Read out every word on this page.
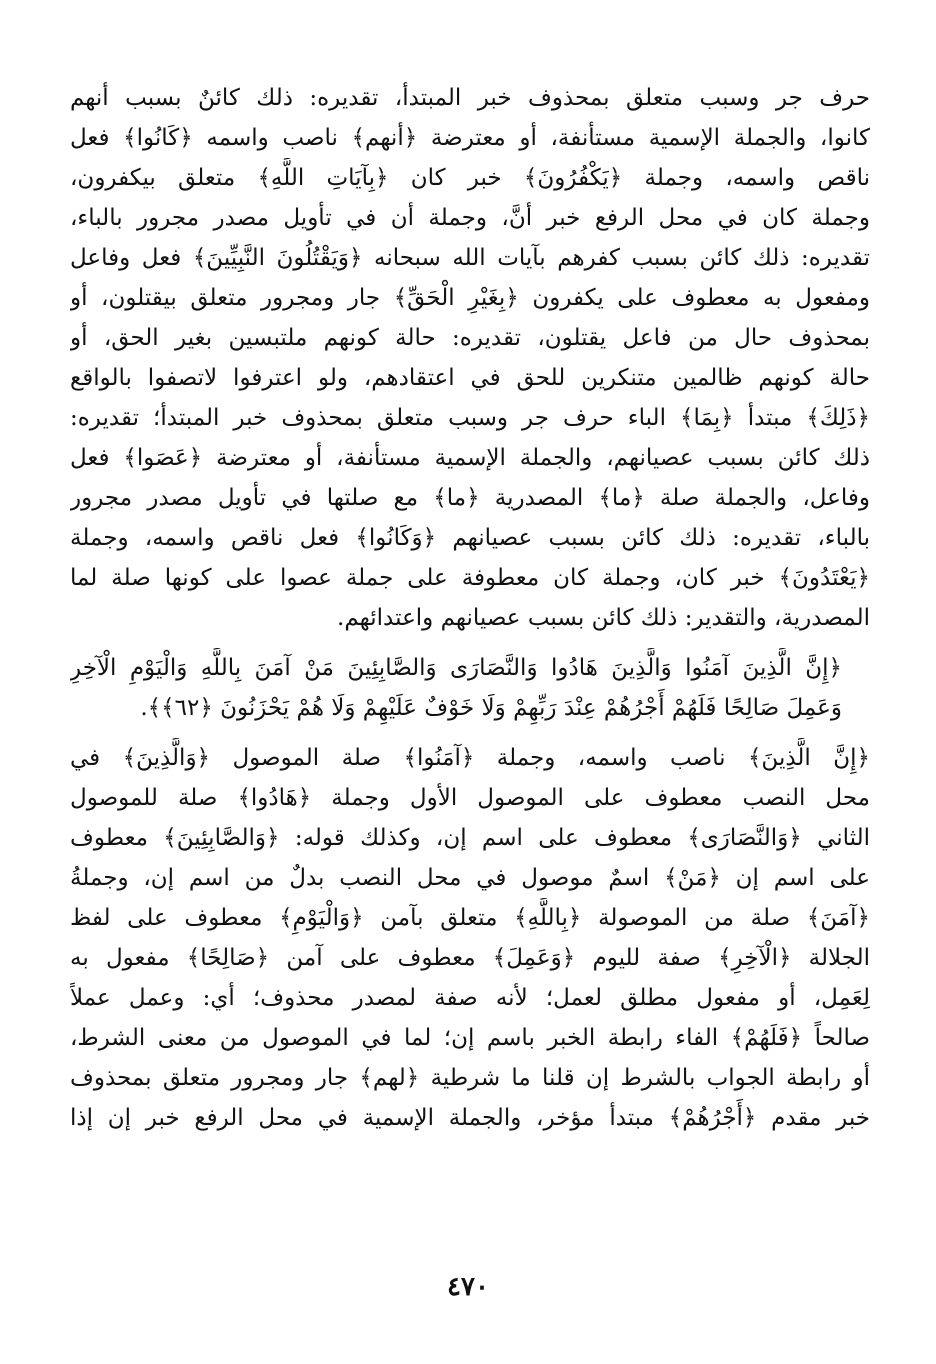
حرف جر وسبب متعلق بمحذوف خبر المبتدأ، تقديره: ذلك كائنٌ بسبب أنهم

كانوا، والجملة الإسمية مستأنفة، أو معترضة ﴿أنهم﴾ ناصب واسمه ﴿كَانُوا﴾ فعل

ناقص واسمه، وجملة ﴿يَكْفُرُونَ﴾ خبر كان ﴿بِآيَاتِ اللَّهِ﴾ متعلق بيكفرون،

وجملة كان في محل الرفع خبر أنَّ، وجملة أن في تأويل مصدر مجرور بالباء،

تقديره: ذلك كائن بسبب كفرهم بآيات الله سبحانه ﴿وَيَقْتُلُونَ النَّبِيِّينَ﴾ فعل وفاعل

ومفعول به معطوف على يكفرون ﴿بِغَيْرِ الْحَقِّ﴾ جار ومجرور متعلق بيقتلون، أو

بمحذوف حال من فاعل يقتلون، تقديره: حالة كونهم ملتبسين بغير الحق، أو

حالة كونهم ظالمين متنكرين للحق في اعتقادهم، ولو اعترفوا لاتصفوا بالواقع

﴿ذَلِكَ﴾ مبتدأ ﴿بِمَا﴾ الباء حرف جر وسبب متعلق بمحذوف خبر المبتدأ؛ تقديره:

ذلك كائن بسبب عصيانهم، والجملة الإسمية مستأنفة، أو معترضة ﴿عَصَوا﴾ فعل

وفاعل، والجملة صلة ﴿ما﴾ المصدرية ﴿ما﴾ مع صلتها في تأويل مصدر مجرور

بالباء، تقديره: ذلك كائن بسبب عصيانهم ﴿وَكَانُوا﴾ فعل ناقص واسمه، وجملة

﴿يَعْتَدُونَ﴾ خبر كان، وجملة كان معطوفة على جملة عصوا على كونها صلة لما

المصدرية، والتقدير: ذلك كائن بسبب عصيانهم واعتدائهم.

﴿إِنَّ الَّذِينَ آمَنُوا وَالَّذِينَ هَادُوا وَالنَّصَارَى وَالصَّابِئِينَ مَنْ آمَنَ بِاللَّهِ وَالْيَوْمِ الْآخِرِ

وَعَمِلَ صَالِحًا فَلَهُمْ أَجْرُهُمْ عِنْدَ رَبِّهِمْ وَلَا خَوْفٌ عَلَيْهِمْ وَلَا هُمْ يَحْزَنُونَ ﴿٦٢﴾﴾.

﴿إِنَّ الَّذِينَ﴾ ناصب واسمه، وجملة ﴿آمَنُوا﴾ صلة الموصول ﴿وَالَّذِينَ﴾ في

محل النصب معطوف على الموصول الأول وجملة ﴿هَادُوا﴾ صلة للموصول

الثاني ﴿وَالنَّصَارَى﴾ معطوف على اسم إن، وكذلك قوله: ﴿وَالصَّابِئِينَ﴾ معطوف

على اسم إن ﴿مَنْ﴾ اسمٌ موصول في محل النصب بدلٌ من اسم إن، وجملةُ

﴿آمَنَ﴾ صلة من الموصولة ﴿بِاللَّهِ﴾ متعلق بآمن ﴿وَالْيَوْمِ﴾ معطوف على لفظ

الجلالة ﴿الْآخِرِ﴾ صفة لليوم ﴿وَعَمِلَ﴾ معطوف على آمن ﴿صَالِحًا﴾ مفعول به

لِعَمِل، أو مفعول مطلق لعمل؛ لأنه صفة لمصدر محذوف؛ أي: وعمل عملاً

صالحاً ﴿فَلَهُمْ﴾ الفاء رابطة الخبر باسم إن؛ لما في الموصول من معنى الشرط،

أو رابطة الجواب بالشرط إن قلنا ما شرطية ﴿لهم﴾ جار ومجرور متعلق بمحذوف

خبر مقدم ﴿أَجْرُهُمْ﴾ مبتدأ مؤخر، والجملة الإسمية في محل الرفع خبر إن إذا

٤٧٠
